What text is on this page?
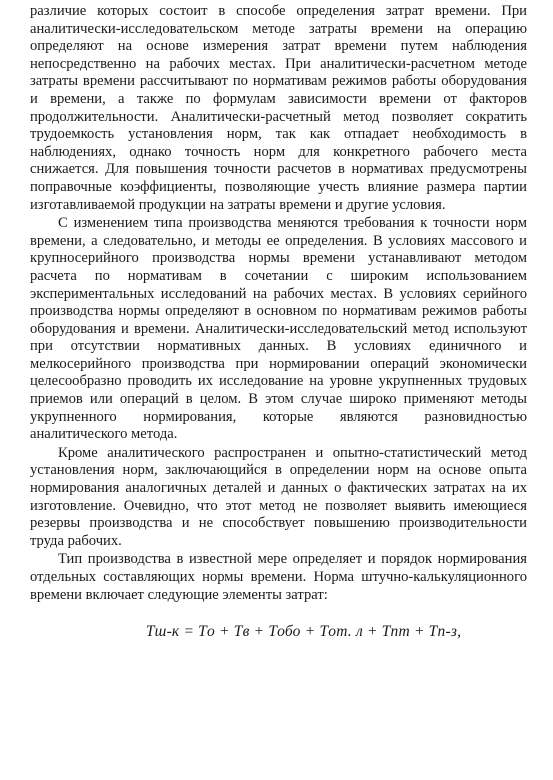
различие которых состоит в способе определения затрат времени. При аналитически-исследовательском методе затраты времени на операцию определяют на основе измерения затрат времени путем наблюдения непосредственно на рабочих местах. При аналитически-расчетном методе затраты времени рассчитывают по нормативам режимов работы оборудования и времени, а также по формулам зависимости времени от факторов продолжительности. Аналитически-расчетный метод позволяет сократить трудоемкость установления норм, так как отпадает необходимость в наблюдениях, однако точность норм для конкретного рабочего места снижается. Для повышения точности расчетов в нормативах предусмотрены поправочные коэффициенты, позволяющие учесть влияние размера партии изготавливаемой продукции на затраты времени и другие условия.

С изменением типа производства меняются требования к точности норм времени, а следовательно, и методы ее определения. В условиях массового и крупносерийного производства нормы времени устанавливают методом расчета по нормативам в сочетании с широким использованием экспериментальных исследований на рабочих местах. В условиях серийного производства нормы определяют в основном по нормативам режимов работы оборудования и времени. Аналитически-исследовательский метод используют при отсутствии нормативных данных. В условиях единичного и мелкосерийного производства при нормировании операций экономически целесообразно проводить их исследование на уровне укрупненных трудовых приемов или операций в целом. В этом случае широко применяют методы укрупненного нормирования, которые являются разновидностью аналитического метода.

Кроме аналитического распространен и опытно-статистический метод установления норм, заключающийся в определении норм на основе опыта нормирования аналогичных деталей и данных о фактических затратах на их изготовление. Очевидно, что этот метод не позволяет выявить имеющиеся резервы производства и не способствует повышению производительности труда рабочих.

Тип производства в известной мере определяет и порядок нормирования отдельных составляющих нормы времени. Норма штучно-калькуляционного времени включает следующие элементы затрат:

Tш-к = Tо + Tв + Tобо + Tот. л + Tпт + Tп-з,
